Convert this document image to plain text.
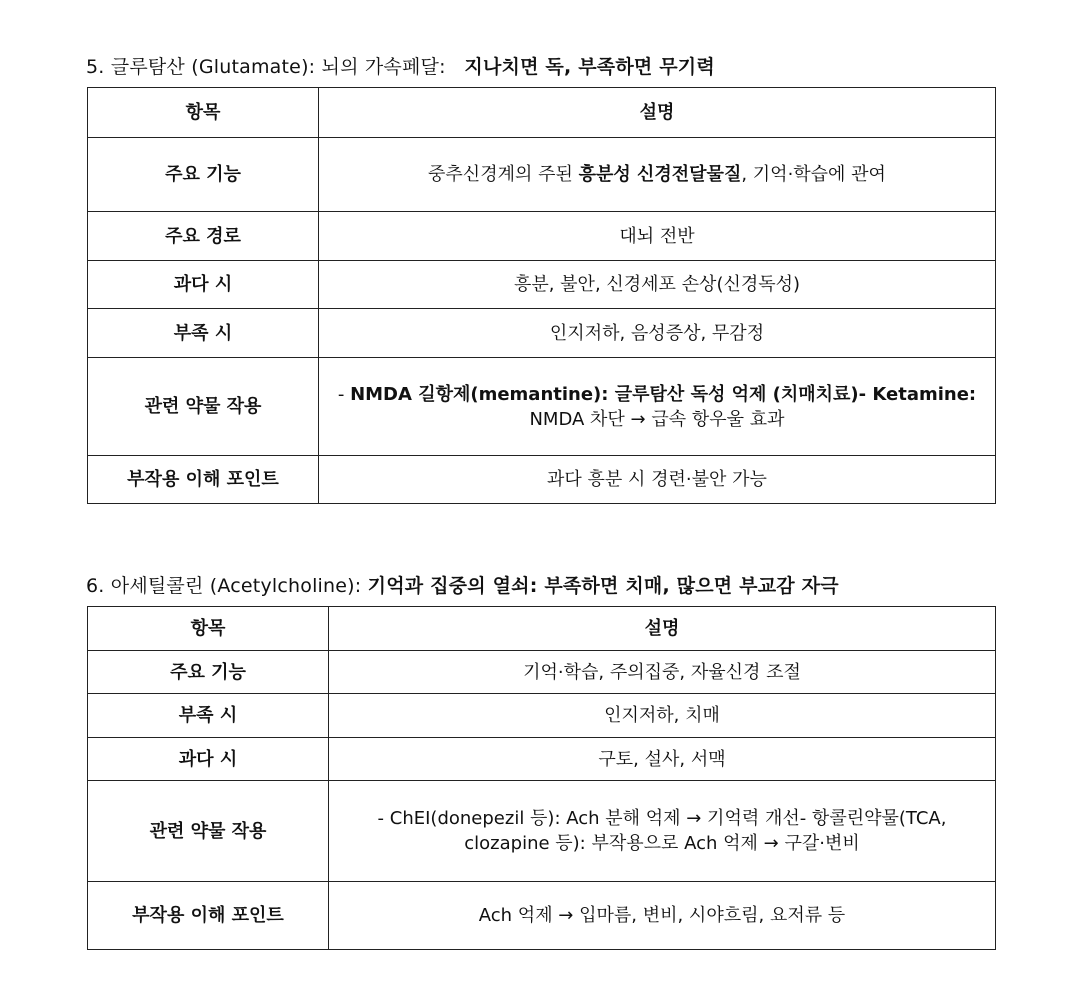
5. 글루탐산 (Glutamate): 뇌의 가속페달: 지나치면 독, 부족하면 무기력
항목	설명
주요 기능	중추신경계의 주된 흥분성 신경전달물질, 기억·학습에 관여
주요 경로	대뇌 전반
과다 시	흥분, 불안, 신경세포 손상(신경독성)
부족 시	인지저하, 음성증상, 무감정
관련 약물 작용	- NMDA 길항제(memantine): 글루탐산 독성 억제 (치매치료)- Ketamine: NMDA 차단 → 급속 항우울 효과
부작용 이해 포인트	과다 흥분 시 경련·불안 가능
6. 아세틸콜린 (Acetylcholine): 기억과 집중의 열쇠: 부족하면 치매, 많으면 부교감 자극
항목	설명
주요 기능	기억·학습, 주의집중, 자율신경 조절
부족 시	인지저하, 치매
과다 시	구토, 설사, 서맥
관련 약물 작용	- ChEI(donepezil 등): Ach 분해 억제 → 기억력 개선- 항콜린약물(TCA, clozapine 등): 부작용으로 Ach 억제 → 구갈·변비
부작용 이해 포인트	Ach 억제 → 입마름, 변비, 시야흐림, 요저류 등
